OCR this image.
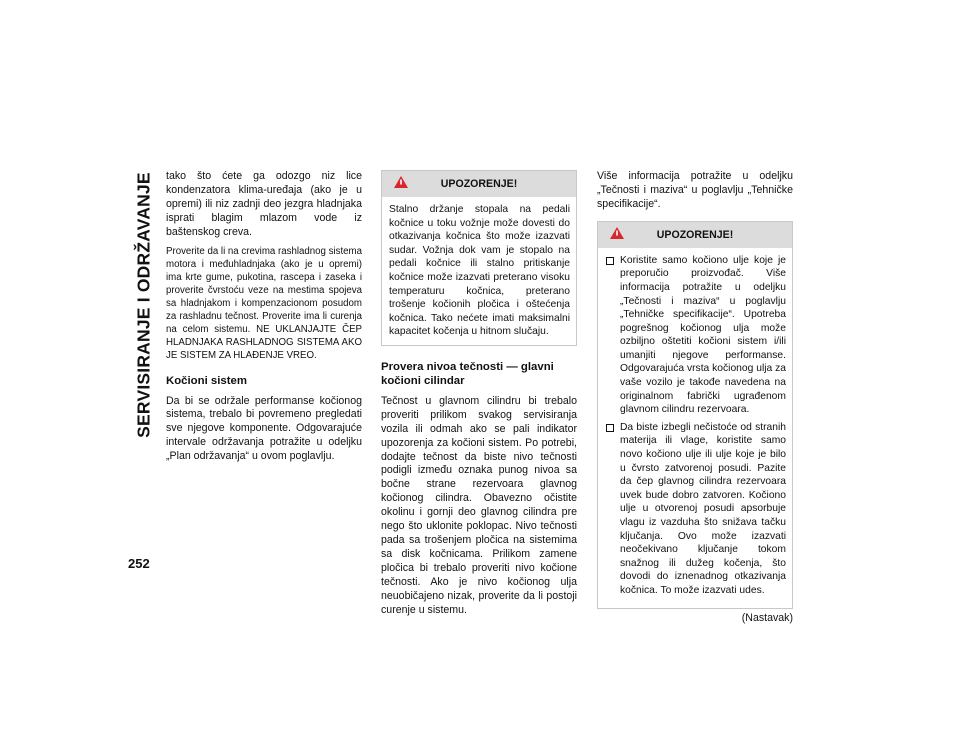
SERVISIRANJE I ODRŽAVANJE
252

tako što ćete ga odozgo niz lice kondenzatora klima-uređaja (ako je u opremi) ili niz zadnji deo jezgra hladnjaka isprati blagim mlazom vode iz baštenskog creva.

Proverite da li na crevima rashladnog sistema motora i međuhladnjaka (ako je u opremi) ima krte gume, pukotina, rascepa i zaseka i proverite čvrstoću veze na mestima spojeva sa hladnjakom i kompenzacionom posudom za rashladnu tečnost. Proverite ima li curenja na celom sistemu. NE UKLANJAJTE ČEP HLADNJAKA RASHLADNOG SISTEMA AKO JE SISTEM ZA HLAĐENJE VREO.

Kočioni sistem

Da bi se održale performanse kočionog sistema, trebalo bi povremeno pregledati sve njegove komponente. Odgovarajuće intervale održavanja potražite u odeljku „Plan održavanja“ u ovom poglavlju.

UPOZORENJE!

Stalno držanje stopala na pedali kočnice u toku vožnje može dovesti do otkazivanja kočnica što može izazvati sudar. Vožnja dok vam je stopalo na pedali kočnice ili stalno pritiskanje kočnice može izazvati preterano visoku temperaturu kočnica, preterano trošenje kočionih pločica i oštećenja kočnica. Tako nećete imati maksimalni kapacitet kočenja u hitnom slučaju.

Provera nivoa tečnosti — glavni kočioni cilindar

Tečnost u glavnom cilindru bi trebalo proveriti prilikom svakog servisiranja vozila ili odmah ako se pali indikator upozorenja za kočioni sistem. Po potrebi, dodajte tečnost da biste nivo tečnosti podigli između oznaka punog nivoa sa bočne strane rezervoara glavnog kočionog cilindra. Obavezno očistite okolinu i gornji deo glavnog cilindra pre nego što uklonite poklopac. Nivo tečnosti pada sa trošenjem pločica na sistemima sa disk kočnicama. Prilikom zamene pločica bi trebalo proveriti nivo kočione tečnosti. Ako je nivo kočionog ulja neuobičajeno nizak, proverite da li postoji curenje u sistemu.

Više informacija potražite u odeljku „Tečnosti i maziva“ u poglavlju „Tehničke specifikacije“.

UPOZORENJE!
Koristite samo kočiono ulje koje je preporučio proizvođač. Više informacija potražite u odeljku „Tečnosti i maziva“ u poglavlju „Tehničke specifikacije“. Upotreba pogrešnog kočionog ulja može ozbiljno oštetiti kočioni sistem i/ili umanjiti njegove performanse. Odgovarajuća vrsta kočionog ulja za vaše vozilo je takođe navedena na originalnom fabrički ugrađenom glavnom cilindru rezervoara.
Da biste izbegli nečistoće od stranih materija ili vlage, koristite samo novo kočiono ulje ili ulje koje je bilo u čvrsto zatvorenoj posudi. Pazite da čep glavnog cilindra rezervoara uvek bude dobro zatvoren. Kočiono ulje u otvorenoj posudi apsorbuje vlagu iz vazduha što snižava tačku ključanja. Ovo može izazvati neočekivano ključanje tokom snažnog ili dužeg kočenja, što dovodi do iznenadnog otkazivanja kočnica. To može izazvati udes.
(Nastavak)
